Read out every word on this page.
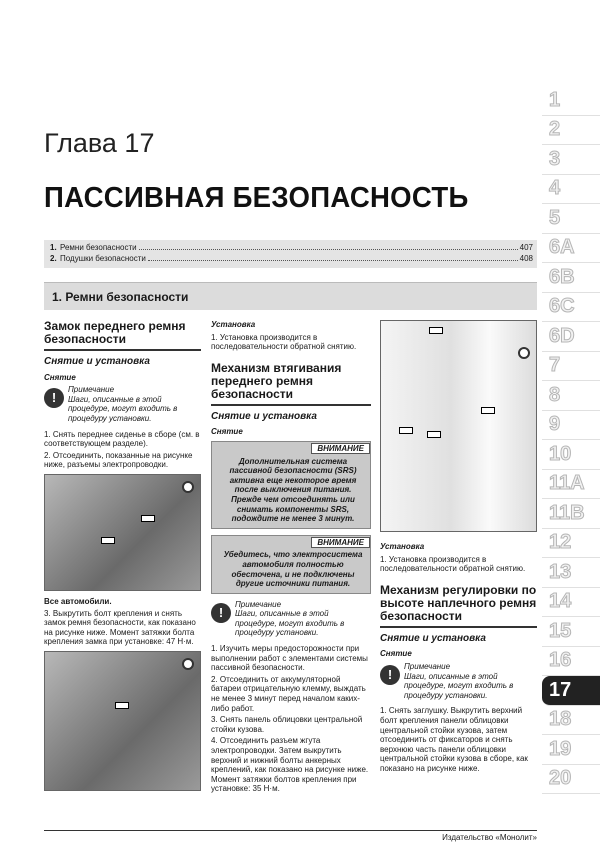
Глава 17
ПАССИВНАЯ БЕЗОПАСНОСТЬ
1. Ремни безопасности	407
2. Подушки безопасности	408
1. Ремни безопасности
1
2
3
4
5
6A
6B
6C
6D
7
8
9
10
11A
11B
12
13
14
15
16
17
18
19
20
Замок переднего ремня безопасности
Снятие и установка
Снятие
!
Примечание
Шаги, описанные в этой процедуре, могут входить в процедуру установки.
1. Снять переднее сиденье в сборе (см. в соответствующем разделе).
2. Отсоединить, показанные на рисунке ниже, разъемы электропроводки.
Все автомобили.
3. Выкрутить болт крепления и снять замок ремня безопасности, как показано на рисунке ниже. Момент затяжки болта крепления замка при установке: 47 Н·м.
Установка
1. Установка производится в последовательности обратной снятию.
Механизм втягивания переднего ремня безопасности
Снятие и установка
Снятие
ВНИМАНИЕ
Дополнительная система пассивной безопасности (SRS) активна еще некоторое время после выключения питания. Прежде чем отсоединять или снимать компоненты SRS, подождите не менее 3 минут.
ВНИМАНИЕ
Убедитесь, что электросистема автомобиля полностью обесточена, и не подключены другие источники питания.
!
Примечание
Шаги, описанные в этой процедуре, могут входить в процедуру установки.
1. Изучить меры предосторожности при выполнении работ с элементами системы пассивной безопасности.
2. Отсоединить от аккумуляторной батареи отрицательную клемму, выждать не менее 3 минут перед началом каких-либо работ.
3. Снять панель облицовки центральной стойки кузова.
4. Отсоединить разъем жгута электропроводки. Затем выкрутить верхний и нижний болты анкерных креплений, как показано на рисунке ниже. Момент затяжки болтов крепления при установке: 35 Н·м.
Установка
1. Установка производится в последовательности обратной снятию.
Механизм регулировки по высоте наплечного ремня безопасности
Снятие и установка
Снятие
!
Примечание
Шаги, описанные в этой процедуре, могут входить в процедуру установки.
1. Снять заглушку. Выкрутить верхний болт крепления панели облицовки центральной стойки кузова, затем отсоединить от фиксаторов и снять верхнюю часть панели облицовки центральной стойки кузова в сборе, как показано на рисунке ниже.
Издательство «Монолит»
